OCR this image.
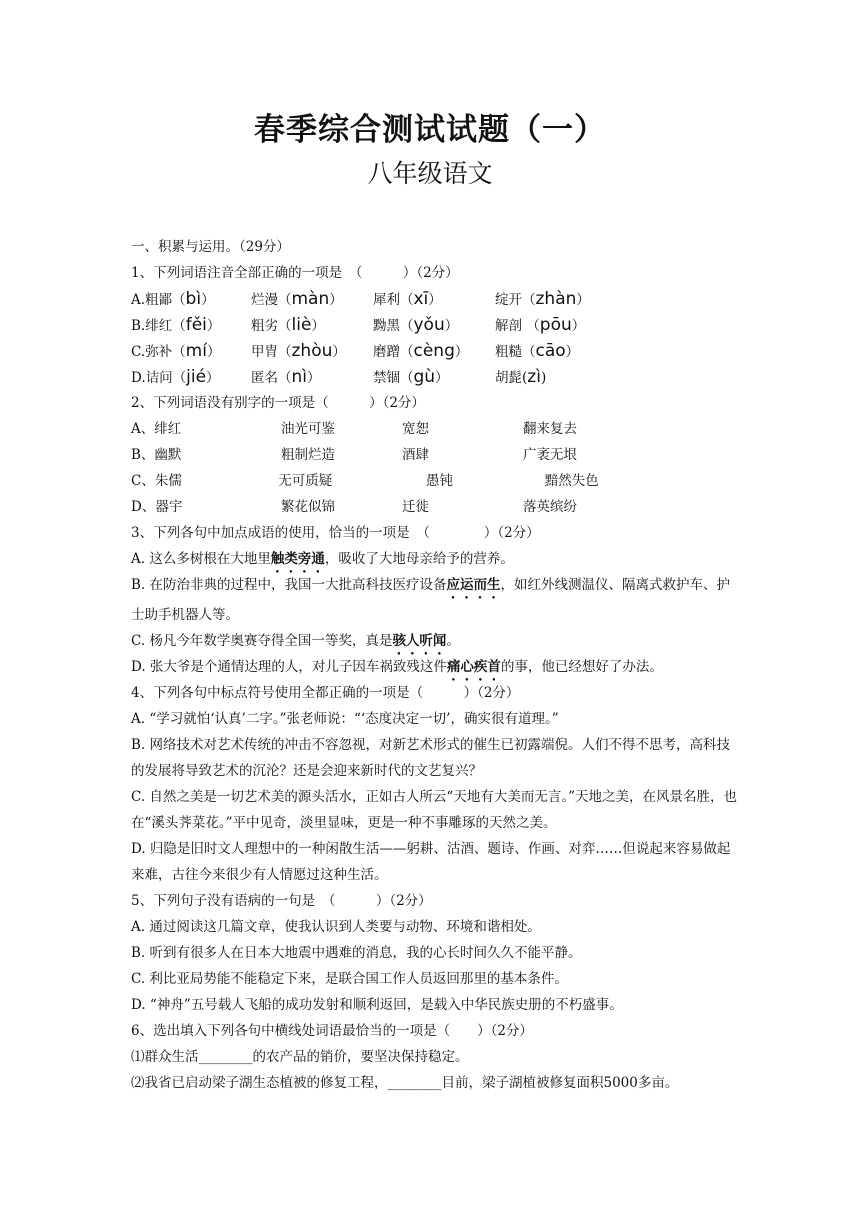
春季综合测试试题（一）
八年级语文
一、积累与运用。（29分）
1、下列词语注音全部正确的一项是　（　　　）（2分）
A.粗鄙（bì）	烂漫（màn）	犀利（xī）	绽开（zhàn）
B.绯红（fěi）	粗劣（liè）	黝黑（yǒu）	解剖 （pōu）
C.弥补（mí）	甲胄（zhòu）	磨蹭（cèng）	粗糙（cāo）
D.诘问（jié）	匿名（nì）	禁锢（gù）	胡髭(zì)
2、下列词语没有别字的一项是（　　　）（2分）
A、绯红	油光可鉴	宽恕	翻来复去
B、幽默	粗制烂造	酒肆	广袤无垠
C、朱儒	无可质疑	愚钝	黯然失色
D、器宇	繁花似锦	迁徙	落英缤纷
3、下列各句中加点成语的使用，恰当的一项是　（　　　　）（2分）
A. 这么多树根在大地里触类旁通，吸收了大地母亲给予的营养。
B. 在防治非典的过程中，我国一大批高科技医疗设备应运而生，如红外线测温仪、隔离式救护车、护士助手机器人等。
C. 杨凡今年数学奥赛夺得全国一等奖，真是骇人听闻。
D. 张大爷是个通情达理的人，对儿子因车祸致残这件痛心疾首的事，他已经想好了办法。
4、下列各句中标点符号使用全都正确的一项是（　　　）（2分）
A. “学习就怕‘认真’二字。”张老师说：“‘态度决定一切’，确实很有道理。”
B. 网络技术对艺术传统的冲击不容忽视，对新艺术形式的催生已初露端倪。人们不得不思考，高科技的发展将导致艺术的沉沦？还是会迎来新时代的文艺复兴？
C. 自然之美是一切艺术美的源头活水，正如古人所云“天地有大美而无言。”天地之美，在风景名胜，也在“溪头荠菜花。”平中见奇，淡里显味，更是一种不事雕琢的天然之美。
D. 归隐是旧时文人理想中的一种闲散生活——躬耕、沽酒、题诗、作画、对弈……但说起来容易做起来难，古往今来很少有人情愿过这种生活。
5、下列句子没有语病的一句是　（　　　）（2分）
A. 通过阅读这几篇文章，使我认识到人类要与动物、环境和谐相处。
B. 听到有很多人在日本大地震中遇难的消息，我的心长时间久久不能平静。
C. 利比亚局势能不能稳定下来，是联合国工作人员返回那里的基本条件。
D. “神舟”五号载人飞船的成功发射和顺利返回，是载入中华民族史册的不朽盛事。
6、选出填入下列各句中横线处词语最恰当的一项是（　　）（2分）
⑴群众生活________的农产品的销价，要坚决保持稳定。
⑵我省已启动梁子湖生态植被的修复工程，________目前，梁子湖植被修复面积5000多亩。
